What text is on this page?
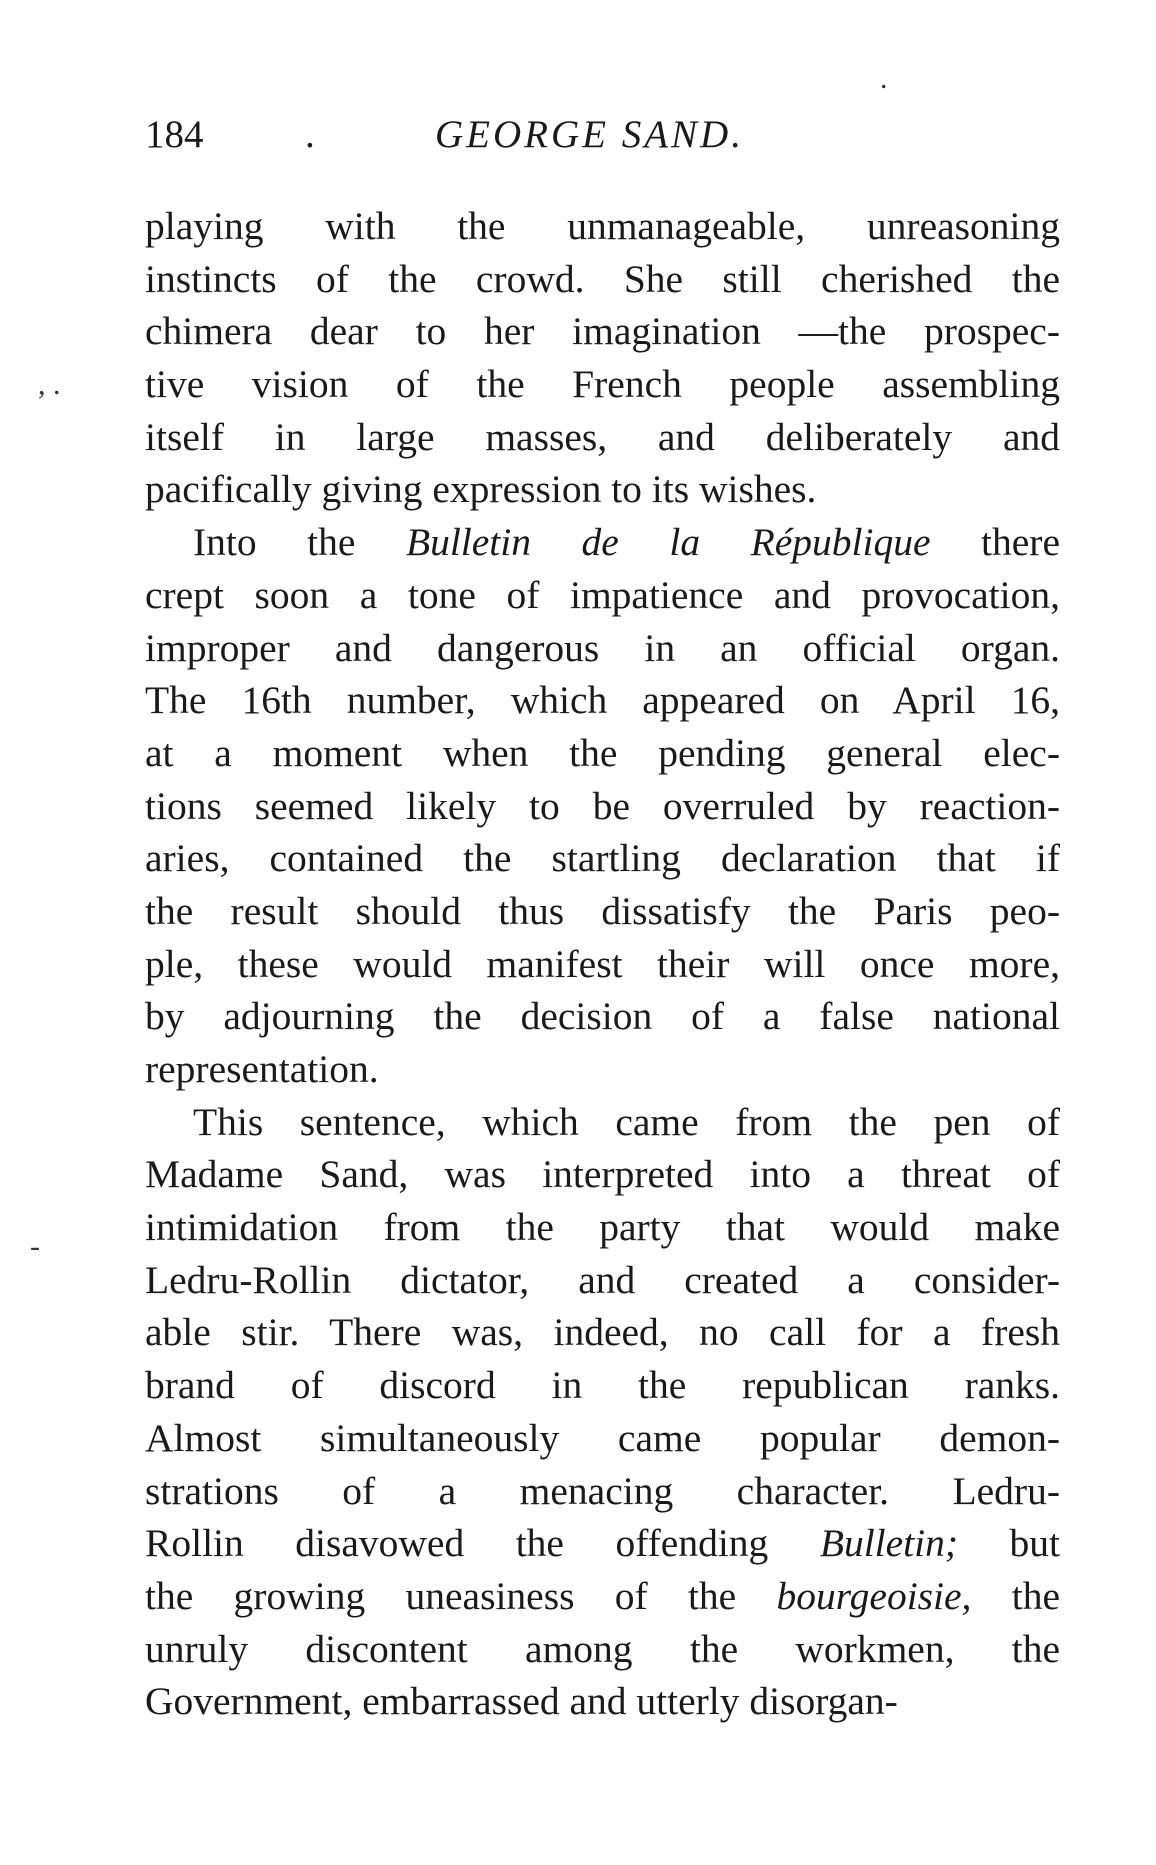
184	.	GEORGE SAND.
.
, .
-
playing with the unmanageable, unreasoning
instincts of the crowd. She still cherished the
chimera dear to her imagination —the prospec-
tive vision of the French people assembling
itself in large masses, and deliberately and
pacifically giving expression to its wishes.
Into the Bulletin de la République there
crept soon a tone of impatience and provocation,
improper and dangerous in an official organ.
The 16th number, which appeared on April 16,
at a moment when the pending general elec-
tions seemed likely to be overruled by reaction-
aries, contained the startling declaration that if
the result should thus dissatisfy the Paris peo-
ple, these would manifest their will once more,
by adjourning the decision of a false national
representation.
This sentence, which came from the pen of
Madame Sand, was interpreted into a threat of
intimidation from the party that would make
Ledru-Rollin dictator, and created a consider-
able stir. There was, indeed, no call for a fresh
brand of discord in the republican ranks.
Almost simultaneously came popular demon-
strations of a menacing character. Ledru-
Rollin disavowed the offending Bulletin; but
the growing uneasiness of the bourgeoisie, the
unruly discontent among the workmen, the
Government, embarrassed and utterly disorgan-
